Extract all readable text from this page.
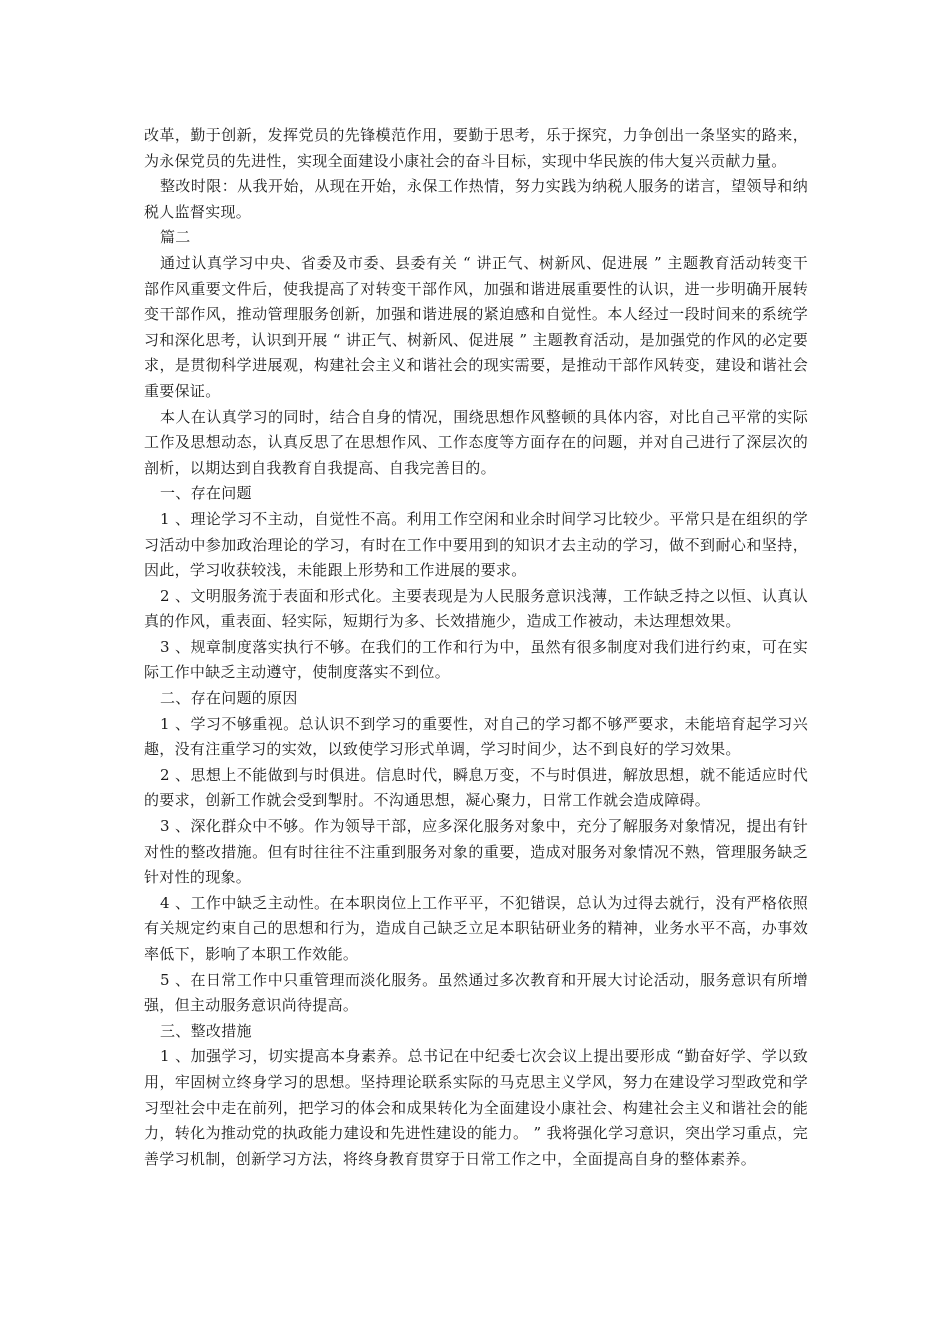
改革，勤于创新，发挥党员的先锋模范作用，要勤于思考，乐于探究，力争创出一条坚实的路来，为永保党员的先进性，实现全面建设小康社会的奋斗目标，实现中华民族的伟大复兴贡献力量。

整改时限：从我开始，从现在开始，永保工作热情，努力实践为纳税人服务的诺言，望领导和纳税人监督实现。

篇二

通过认真学习中央、省委及市委、县委有关 “ 讲正气、树新风、促进展 ” 主题教育活动转变干部作风重要文件后，使我提高了对转变干部作风，加强和谐进展重要性的认识，进一步明确开展转变干部作风，推动管理服务创新，加强和谐进展的紧迫感和自觉性。本人经过一段时间来的系统学习和深化思考，认识到开展 “ 讲正气、树新风、促进展 ” 主题教育活动，是加强党的作风的必定要求，是贯彻科学进展观，构建社会主义和谐社会的现实需要，是推动干部作风转变，建设和谐社会重要保证。

本人在认真学习的同时，结合自身的情况，围绕思想作风整顿的具体内容，对比自己平常的实际工作及思想动态，认真反思了在思想作风、工作态度等方面存在的问题，并对自己进行了深层次的剖析，以期达到自我教育自我提高、自我完善目的。

一、存在问题

1 、理论学习不主动，自觉性不高。利用工作空闲和业余时间学习比较少。平常只是在组织的学习活动中参加政治理论的学习，有时在工作中要用到的知识才去主动的学习，做不到耐心和坚持，因此，学习收获较浅，未能跟上形势和工作进展的要求。

2 、文明服务流于表面和形式化。主要表现是为人民服务意识浅薄，工作缺乏持之以恒、认真认真的作风，重表面、轻实际，短期行为多、长效措施少，造成工作被动，未达理想效果。

3 、规章制度落实执行不够。在我们的工作和行为中，虽然有很多制度对我们进行约束，可在实际工作中缺乏主动遵守，使制度落实不到位。

二、存在问题的原因

1 、学习不够重视。总认识不到学习的重要性，对自己的学习都不够严要求，未能培育起学习兴趣，没有注重学习的实效，以致使学习形式单调，学习时间少，达不到良好的学习效果。

2 、思想上不能做到与时俱进。信息时代，瞬息万变，不与时俱进，解放思想，就不能适应时代的要求，创新工作就会受到掣肘。不沟通思想，凝心聚力，日常工作就会造成障碍。

3 、深化群众中不够。作为领导干部，应多深化服务对象中，充分了解服务对象情况，提出有针对性的整改措施。但有时往往不注重到服务对象的重要，造成对服务对象情况不熟，管理服务缺乏针对性的现象。

4 、工作中缺乏主动性。在本职岗位上工作平平，不犯错误，总认为过得去就行，没有严格依照有关规定约束自己的思想和行为，造成自己缺乏立足本职钻研业务的精神，业务水平不高，办事效率低下，影响了本职工作效能。

5 、在日常工作中只重管理而淡化服务。虽然通过多次教育和开展大讨论活动，服务意识有所增强，但主动服务意识尚待提高。

三、整改措施

1 、加强学习，切实提高本身素养。总书记在中纪委七次会议上提出要形成 “勤奋好学、学以致用，牢固树立终身学习的思想。坚持理论联系实际的马克思主义学风，努力在建设学习型政党和学习型社会中走在前列，把学习的体会和成果转化为全面建设小康社会、构建社会主义和谐社会的能力，转化为推动党的执政能力建设和先进性建设的能力。 ” 我将强化学习意识，突出学习重点，完善学习机制，创新学习方法，将终身教育贯穿于日常工作之中，全面提高自身的整体素养。
